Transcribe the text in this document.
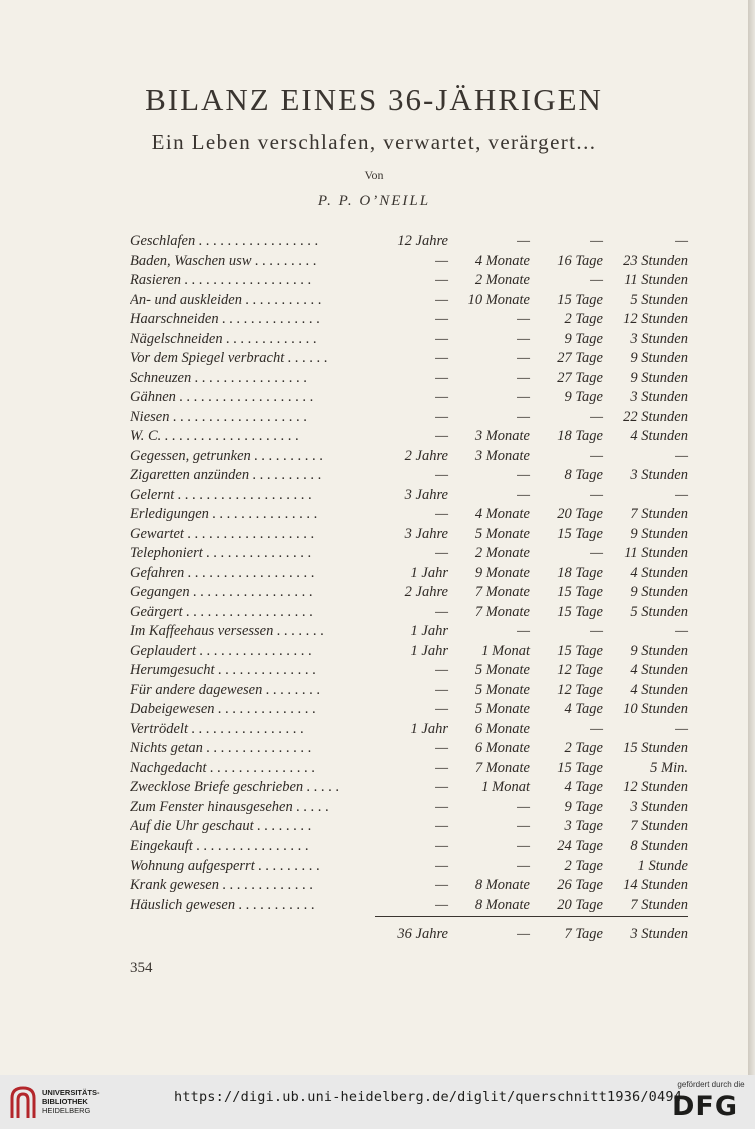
BILANZ EINES 36-JÄHRIGEN
Ein Leben verschlafen, verwartet, verärgert...
Von
P. P. O’NEILL
Geschlafen . . . . . . . . . . . . . . . . .	12 Jahre	—	—	—
Baden, Waschen usw . . . . . . . . .	—	4 Monate	16 Tage	23 Stunden
Rasieren . . . . . . . . . . . . . . . . . .	—	2 Monate	—	11 Stunden
An- und auskleiden . . . . . . . . . . .	—	10 Monate	15 Tage	5 Stunden
Haarschneiden . . . . . . . . . . . . . .	—	—	2 Tage	12 Stunden
Nägelschneiden . . . . . . . . . . . . .	—	—	9 Tage	3 Stunden
Vor dem Spiegel verbracht . . . . . .	—	—	27 Tage	9 Stunden
Schneuzen . . . . . . . . . . . . . . . .	—	—	27 Tage	9 Stunden
Gähnen . . . . . . . . . . . . . . . . . . .	—	—	9 Tage	3 Stunden
Niesen . . . . . . . . . . . . . . . . . . .	—	—	—	22 Stunden
W. C. . . . . . . . . . . . . . . . . . . .	—	3 Monate	18 Tage	4 Stunden
Gegessen, getrunken . . . . . . . . . .	2 Jahre	3 Monate	—	—
Zigaretten anzünden . . . . . . . . . .	—	—	8 Tage	3 Stunden
Gelernt . . . . . . . . . . . . . . . . . . .	3 Jahre	—	—	—
Erledigungen . . . . . . . . . . . . . . .	—	4 Monate	20 Tage	7 Stunden
Gewartet . . . . . . . . . . . . . . . . . .	3 Jahre	5 Monate	15 Tage	9 Stunden
Telephoniert . . . . . . . . . . . . . . .	—	2 Monate	—	11 Stunden
Gefahren . . . . . . . . . . . . . . . . . .	1 Jahr	9 Monate	18 Tage	4 Stunden
Gegangen . . . . . . . . . . . . . . . . .	2 Jahre	7 Monate	15 Tage	9 Stunden
Geärgert . . . . . . . . . . . . . . . . . .	—	7 Monate	15 Tage	5 Stunden
Im Kaffeehaus versessen . . . . . . .	1 Jahr	—	—	—
Geplaudert . . . . . . . . . . . . . . . .	1 Jahr	1 Monat	15 Tage	9 Stunden
Herumgesucht . . . . . . . . . . . . . .	—	5 Monate	12 Tage	4 Stunden
Für andere dagewesen . . . . . . . .	—	5 Monate	12 Tage	4 Stunden
Dabeigewesen . . . . . . . . . . . . . .	—	5 Monate	4 Tage	10 Stunden
Vertrödelt . . . . . . . . . . . . . . . .	1 Jahr	6 Monate	—	—
Nichts getan . . . . . . . . . . . . . . .	—	6 Monate	2 Tage	15 Stunden
Nachgedacht . . . . . . . . . . . . . . .	—	7 Monate	15 Tage	5 Min.
Zwecklose Briefe geschrieben . . . . .	—	1 Monat	4 Tage	12 Stunden
Zum Fenster hinausgesehen . . . . .	—	—	9 Tage	3 Stunden
Auf die Uhr geschaut . . . . . . . .	—	—	3 Tage	7 Stunden
Eingekauft . . . . . . . . . . . . . . . .	—	—	24 Tage	8 Stunden
Wohnung aufgesperrt . . . . . . . . .	—	—	2 Tage	1 Stunde
Krank gewesen . . . . . . . . . . . . .	—	8 Monate	26 Tage	14 Stunden
Häuslich gewesen . . . . . . . . . . .	—	8 Monate	20 Tage	7 Stunden
36 Jahre	—	7 Tage	3 Stunden
354
UNIVERSITÄTS-
BIBLIOTHEK
HEIDELBERG
https://digi.ub.uni-heidelberg.de/diglit/querschnitt1936/0494
gefördert durch die
DFG
